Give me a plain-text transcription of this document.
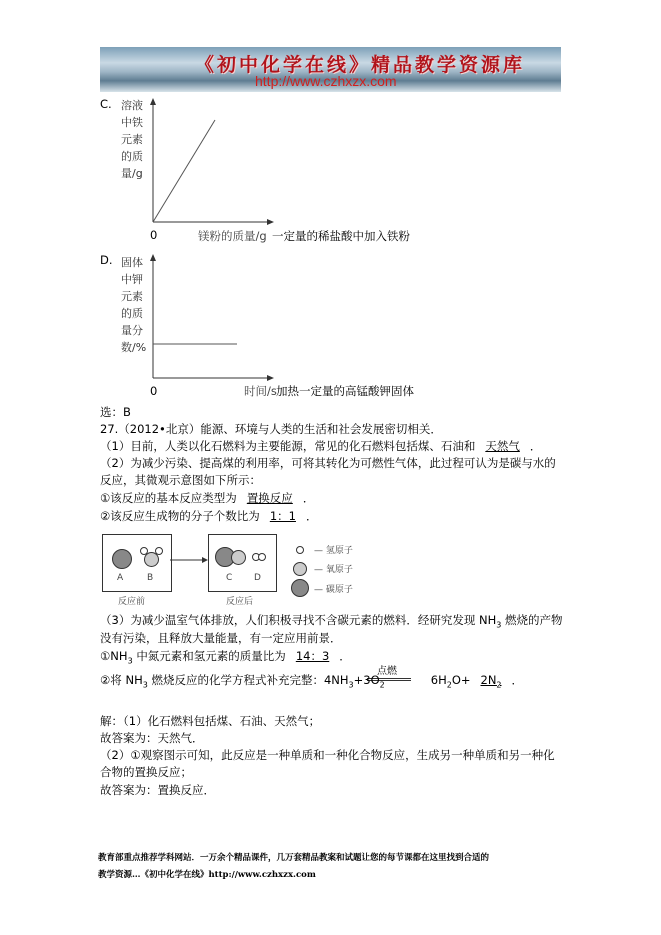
《初中化学在线》精品教学资源库
http://www.czhxzx.com
C. 溶液
中铁
元素
的质
量/g
0	镁粉的质量/g 一定量的稀盐酸中加入铁粉
D. 固体
中钾
元素
的质
量分
数/%
0	时间/s 加热一定量的高锰酸钾固体
选：B
27.（2012•北京）能源、环境与人类的生活和社会发展密切相关．
（1）目前，人类以化石燃料为主要能源，常见的化石燃料包括煤、石油和 天然气 ．
（2）为减少污染、提高煤的利用率，可将其转化为可燃性气体，此过程可认为是碳与水的
反应，其微观示意图如下所示：
①该反应的基本反应类型为 置换反应 ．
②该反应生成物的分子个数比为 1：1 ．
A	B
反应前
C D
反应后
— 氢原子
— 氧原子
— 碳原子
（3）为减少温室气体排放，人们积极寻找不含碳元素的燃料．经研究发现 $NH_3$ 燃烧的产物
没有污染，且释放大量能量，有一定应用前景．
$①NH_3$ 中氮元素和氢元素的质量比为 14：3 ．
点燃
②将 $NH_3$ 燃烧反应的化学方程式补充完整：$4NH_3+3O_2$	$6H_2O+ 2N_2$ ．
解：（1）化石燃料包括煤、石油、天然气；
故答案为：天然气．
（2）①观察图示可知，此反应是一种单质和一种化合物反应，生成另一种单质和另一种化
合物的置换反应；
故答案为：置换反应．
教育部重点推荐学科网站．一万余个精品课件，几万套精品教案和试题让您的每节课都在这里找到合适的
教学资源…《初中化学在线》http://www.czhxzx.com
